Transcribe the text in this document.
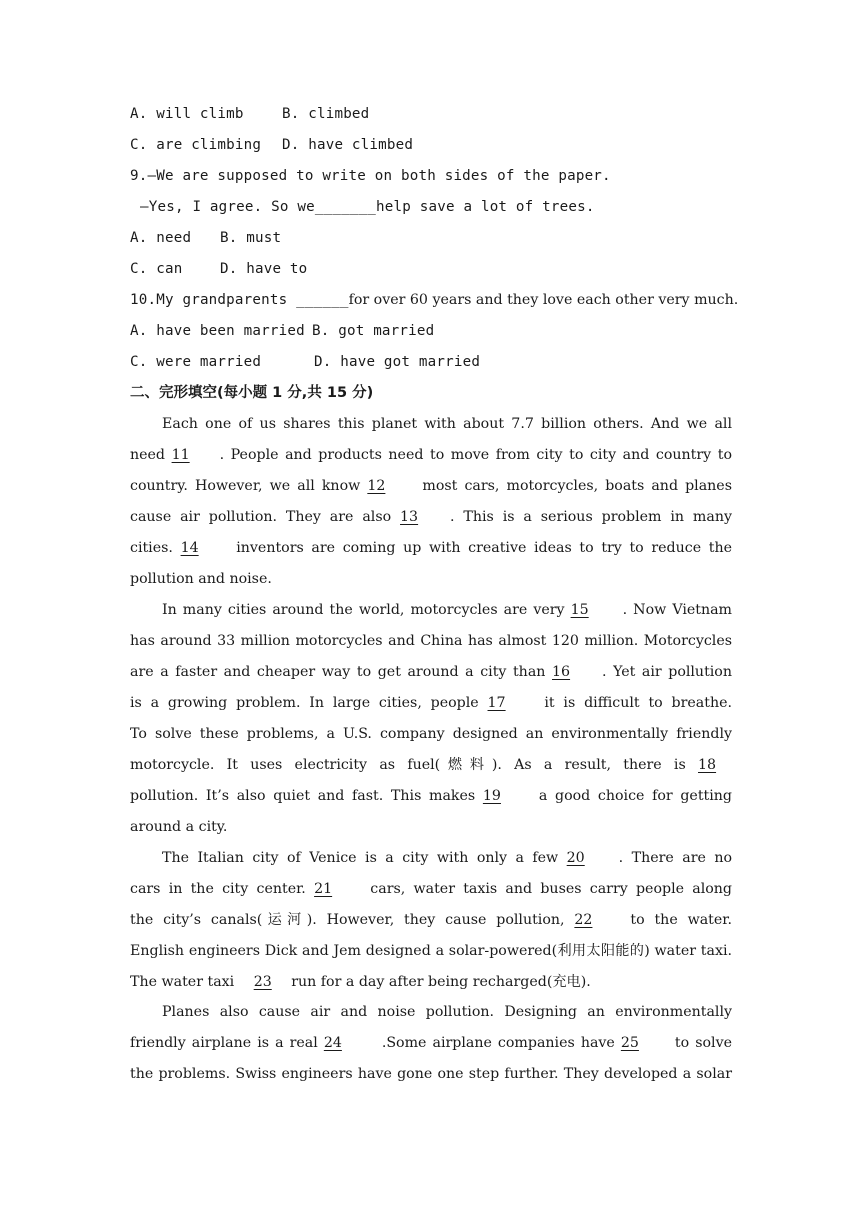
A. will climb	B. climbed
C. are climbing D. have climbed
9.—We are supposed to write on both sides of the paper.
—Yes, I agree. So we_______help save a lot of trees.
A. need B. must
C. can	D. have to
10.My grandparents ______for over 60 years and they love each other very much.
A. have been married B. got married
C. were married	D. have got married
二、完形填空(每小题 1 分,共 15 分)
Each one of us shares this planet with about 7.7 billion others. And we all
need 11 . People and products need to move from city to city and country to
country. However, we all know 12 most cars, motorcycles, boats and planes
cause air pollution. They are also 13 . This is a serious problem in many
cities. 14 inventors are coming up with creative ideas to try to reduce the
pollution and noise.
In many cities around the world, motorcycles are very 15 . Now Vietnam
has around 33 million motorcycles and China has almost 120 million. Motorcycles
are a faster and cheaper way to get around a city than 16 . Yet air pollution
is a growing problem. In large cities, people 17 it is difficult to breathe.
To solve these problems, a U.S. company designed an environmentally friendly
motorcycle. It uses electricity as fuel(燃料). As a result, there is 18
pollution. It’s also quiet and fast. This makes 19	a good choice for getting
around a city.
The Italian city of Venice is a city with only a few 20 . There are no
cars in the city center. 21 cars, water taxis and buses carry people along
the city’s canals(运河). However, they cause pollution, 22	to the water.
English engineers Dick and Jem designed a solar-powered(利用太阳能的) water taxi.
The water taxi 23 run for a day after being recharged(充电).
Planes also cause air and noise pollution. Designing an environmentally
friendly airplane is a real 24	.Some airplane companies have 25 to solve
the problems. Swiss engineers have gone one step further. They developed a solar
